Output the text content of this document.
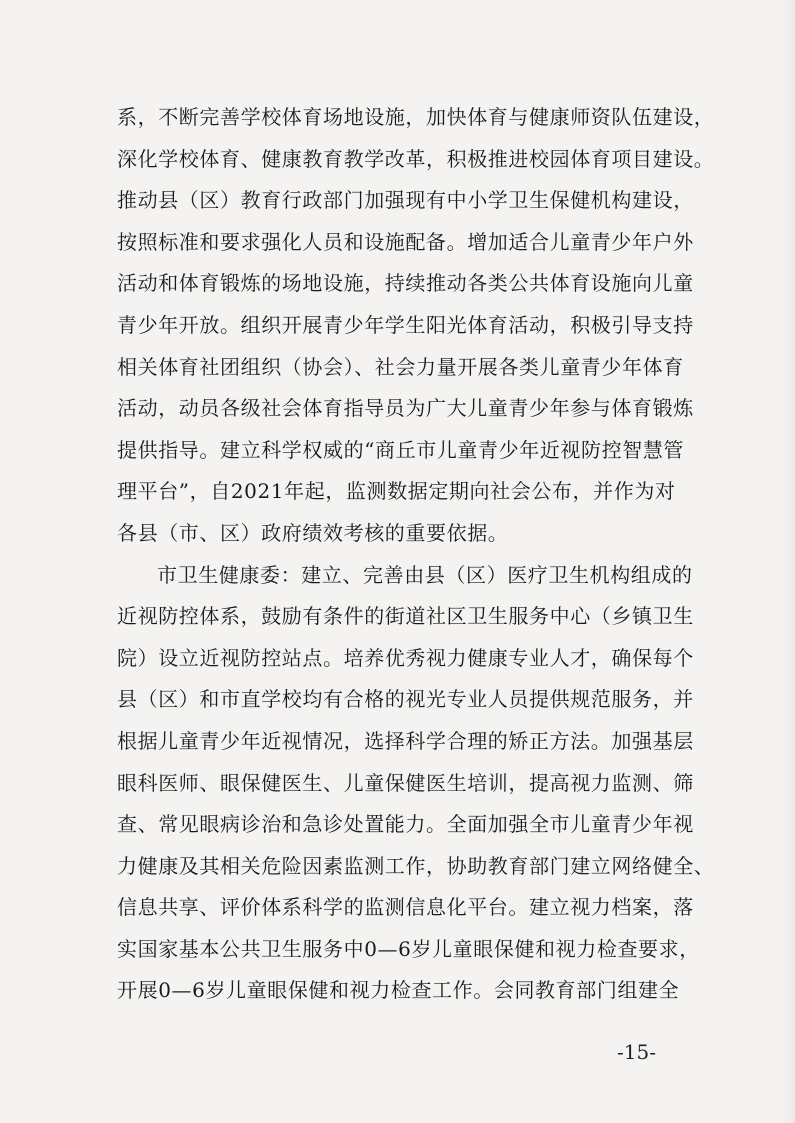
系，不断完善学校体育场地设施，加快体育与健康师资队伍建设，
深化学校体育、健康教育教学改革，积极推进校园体育项目建设。
推动县（区）教育行政部门加强现有中小学卫生保健机构建设，
按照标准和要求强化人员和设施配备。增加适合儿童青少年户外
活动和体育锻炼的场地设施，持续推动各类公共体育设施向儿童
青少年开放。组织开展青少年学生阳光体育活动，积极引导支持
相关体育社团组织（协会）、社会力量开展各类儿童青少年体育
活动，动员各级社会体育指导员为广大儿童青少年参与体育锻炼
提供指导。建立科学权威的“商丘市儿童青少年近视防控智慧管
理平台”，自2021年起，监测数据定期向社会公布，并作为对
各县（市、区）政府绩效考核的重要依据。
市卫生健康委：建立、完善由县（区）医疗卫生机构组成的
近视防控体系，鼓励有条件的街道社区卫生服务中心（乡镇卫生
院）设立近视防控站点。培养优秀视力健康专业人才，确保每个
县（区）和市直学校均有合格的视光专业人员提供规范服务，并
根据儿童青少年近视情况，选择科学合理的矫正方法。加强基层
眼科医师、眼保健医生、儿童保健医生培训，提高视力监测、筛
查、常见眼病诊治和急诊处置能力。全面加强全市儿童青少年视
力健康及其相关危险因素监测工作，协助教育部门建立网络健全、
信息共享、评价体系科学的监测信息化平台。建立视力档案，落
实国家基本公共卫生服务中0—6岁儿童眼保健和视力检查要求，
开展0—6岁儿童眼保健和视力检查工作。会同教育部门组建全
-15-
